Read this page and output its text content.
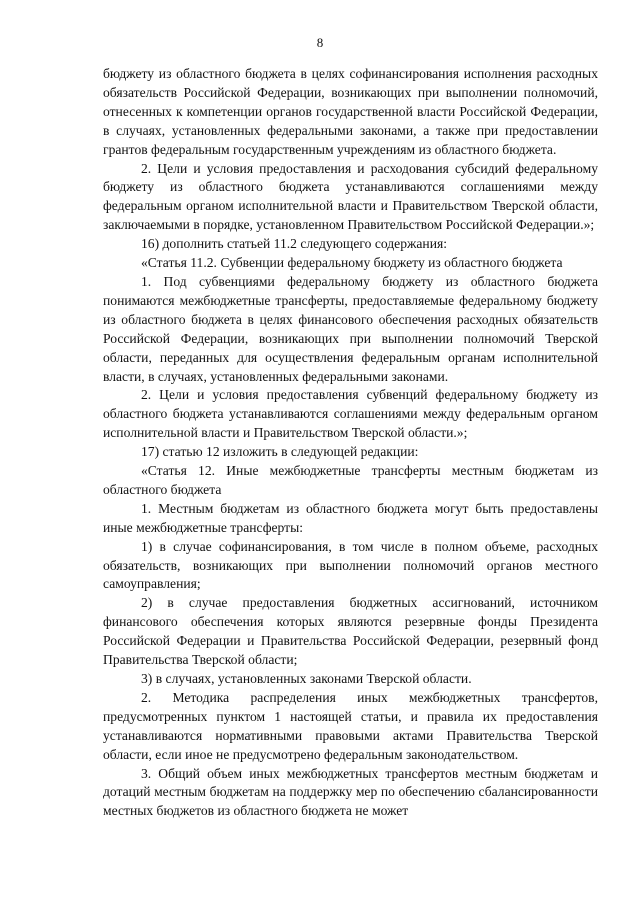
8

бюджету из областного бюджета в целях софинансирования исполнения расходных обязательств Российской Федерации, возникающих при выполнении полномочий, отнесенных к компетенции органов государственной власти Российской Федерации, в случаях, установленных федеральными законами, а также при предоставлении грантов федеральным государственным учреждениям из областного бюджета.

2. Цели и условия предоставления и расходования субсидий федеральному бюджету из областного бюджета устанавливаются соглашениями между федеральным органом исполнительной власти и Правительством Тверской области, заключаемыми в порядке, установленном Правительством Российской Федерации.»;

16) дополнить статьей 11.2 следующего содержания:

«Статья 11.2. Субвенции федеральному бюджету из областного бюджета

1. Под субвенциями федеральному бюджету из областного бюджета понимаются межбюджетные трансферты, предоставляемые федеральному бюджету из областного бюджета в целях финансового обеспечения расходных обязательств Российской Федерации, возникающих при выполнении полномочий Тверской области, переданных для осуществления федеральным органам исполнительной власти, в случаях, установленных федеральными законами.

2. Цели и условия предоставления субвенций федеральному бюджету из областного бюджета устанавливаются соглашениями между федеральным органом исполнительной власти и Правительством Тверской области.»;

17) статью 12 изложить в следующей редакции:

«Статья 12. Иные межбюджетные трансферты местным бюджетам из областного бюджета

1. Местным бюджетам из областного бюджета могут быть предоставлены иные межбюджетные трансферты:

1) в случае софинансирования, в том числе в полном объеме, расходных обязательств, возникающих при выполнении полномочий органов местного самоуправления;

2) в случае предоставления бюджетных ассигнований, источником финансового обеспечения которых являются резервные фонды Президента Российской Федерации и Правительства Российской Федерации, резервный фонд Правительства Тверской области;

3) в случаях, установленных законами Тверской области.

2. Методика распределения иных межбюджетных трансфертов, предусмотренных пунктом 1 настоящей статьи, и правила их предоставления устанавливаются нормативными правовыми актами Правительства Тверской области, если иное не предусмотрено федеральным законодательством.

3. Общий объем иных межбюджетных трансфертов местным бюджетам и дотаций местным бюджетам на поддержку мер по обеспечению сбалансированности местных бюджетов из областного бюджета не может
